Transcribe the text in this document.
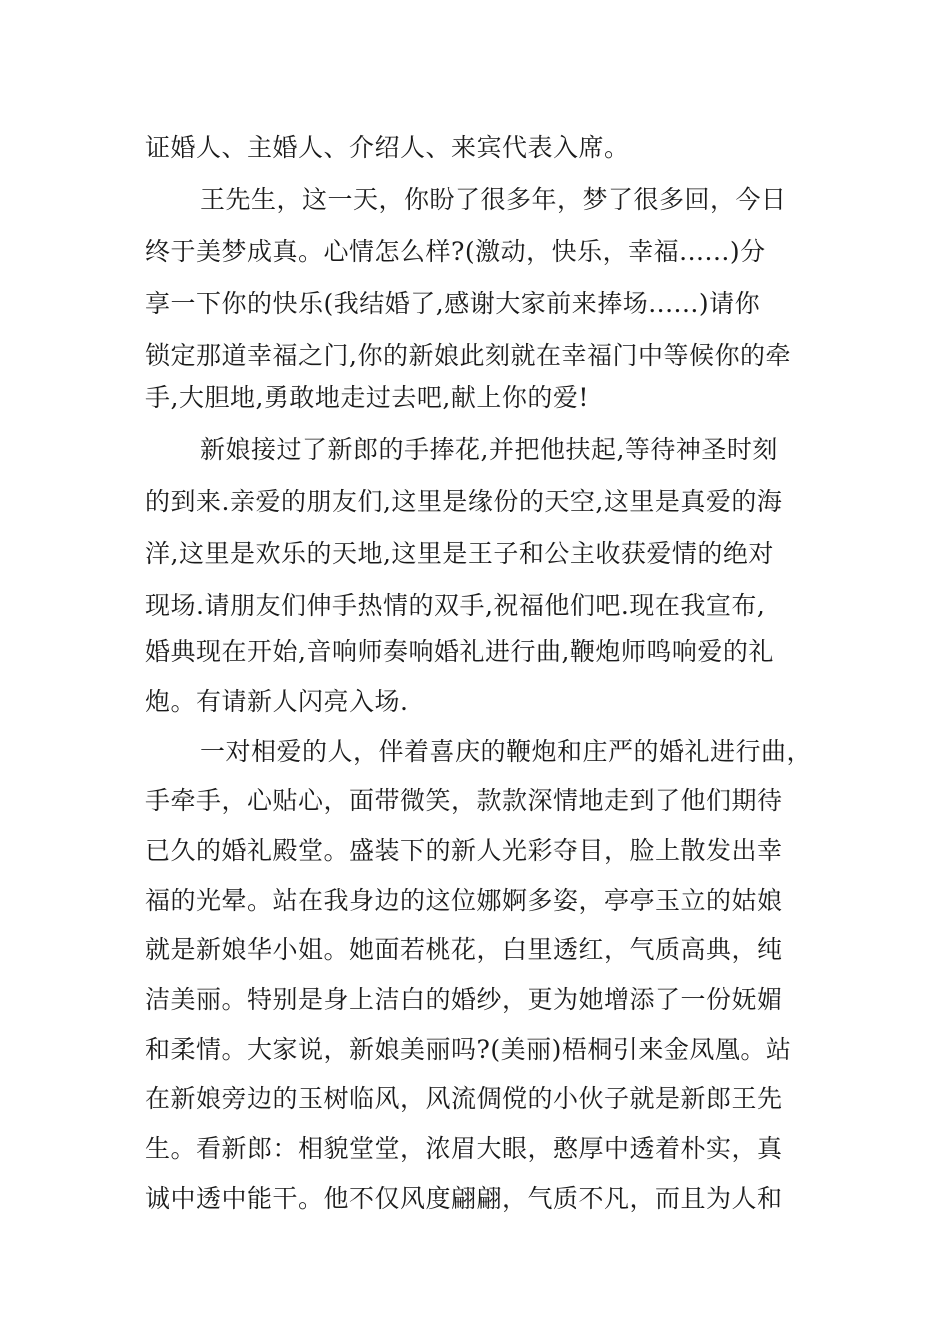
证婚人、主婚人、介绍人、来宾代表入席。
王先生，这一天，你盼了很多年，梦了很多回，今日
终于美梦成真。心情怎么样?(激动，快乐，幸福......)分
享一下你的快乐(我结婚了,感谢大家前来捧场......)请你
锁定那道幸福之门,你的新娘此刻就在幸福门中等候你的牵
手,大胆地,勇敢地走过去吧,献上你的爱!
新娘接过了新郎的手捧花,并把他扶起,等待神圣时刻
的到来.亲爱的朋友们,这里是缘份的天空,这里是真爱的海
洋,这里是欢乐的天地,这里是王子和公主收获爱情的绝对
现场.请朋友们伸手热情的双手,祝福他们吧.现在我宣布,
婚典现在开始,音响师奏响婚礼进行曲,鞭炮师鸣响爱的礼
炮。有请新人闪亮入场.
一对相爱的人，伴着喜庆的鞭炮和庄严的婚礼进行曲，
手牵手，心贴心，面带微笑，款款深情地走到了他们期待
已久的婚礼殿堂。盛装下的新人光彩夺目，脸上散发出幸
福的光晕。站在我身边的这位娜婀多姿，亭亭玉立的姑娘
就是新娘华小姐。她面若桃花，白里透红，气质高典，纯
洁美丽。特别是身上洁白的婚纱，更为她增添了一份妩媚
和柔情。大家说，新娘美丽吗?(美丽)梧桐引来金凤凰。站
在新娘旁边的玉树临风，风流倜傥的小伙子就是新郎王先
生。看新郎：相貌堂堂，浓眉大眼，憨厚中透着朴实，真
诚中透中能干。他不仅风度翩翩，气质不凡，而且为人和
